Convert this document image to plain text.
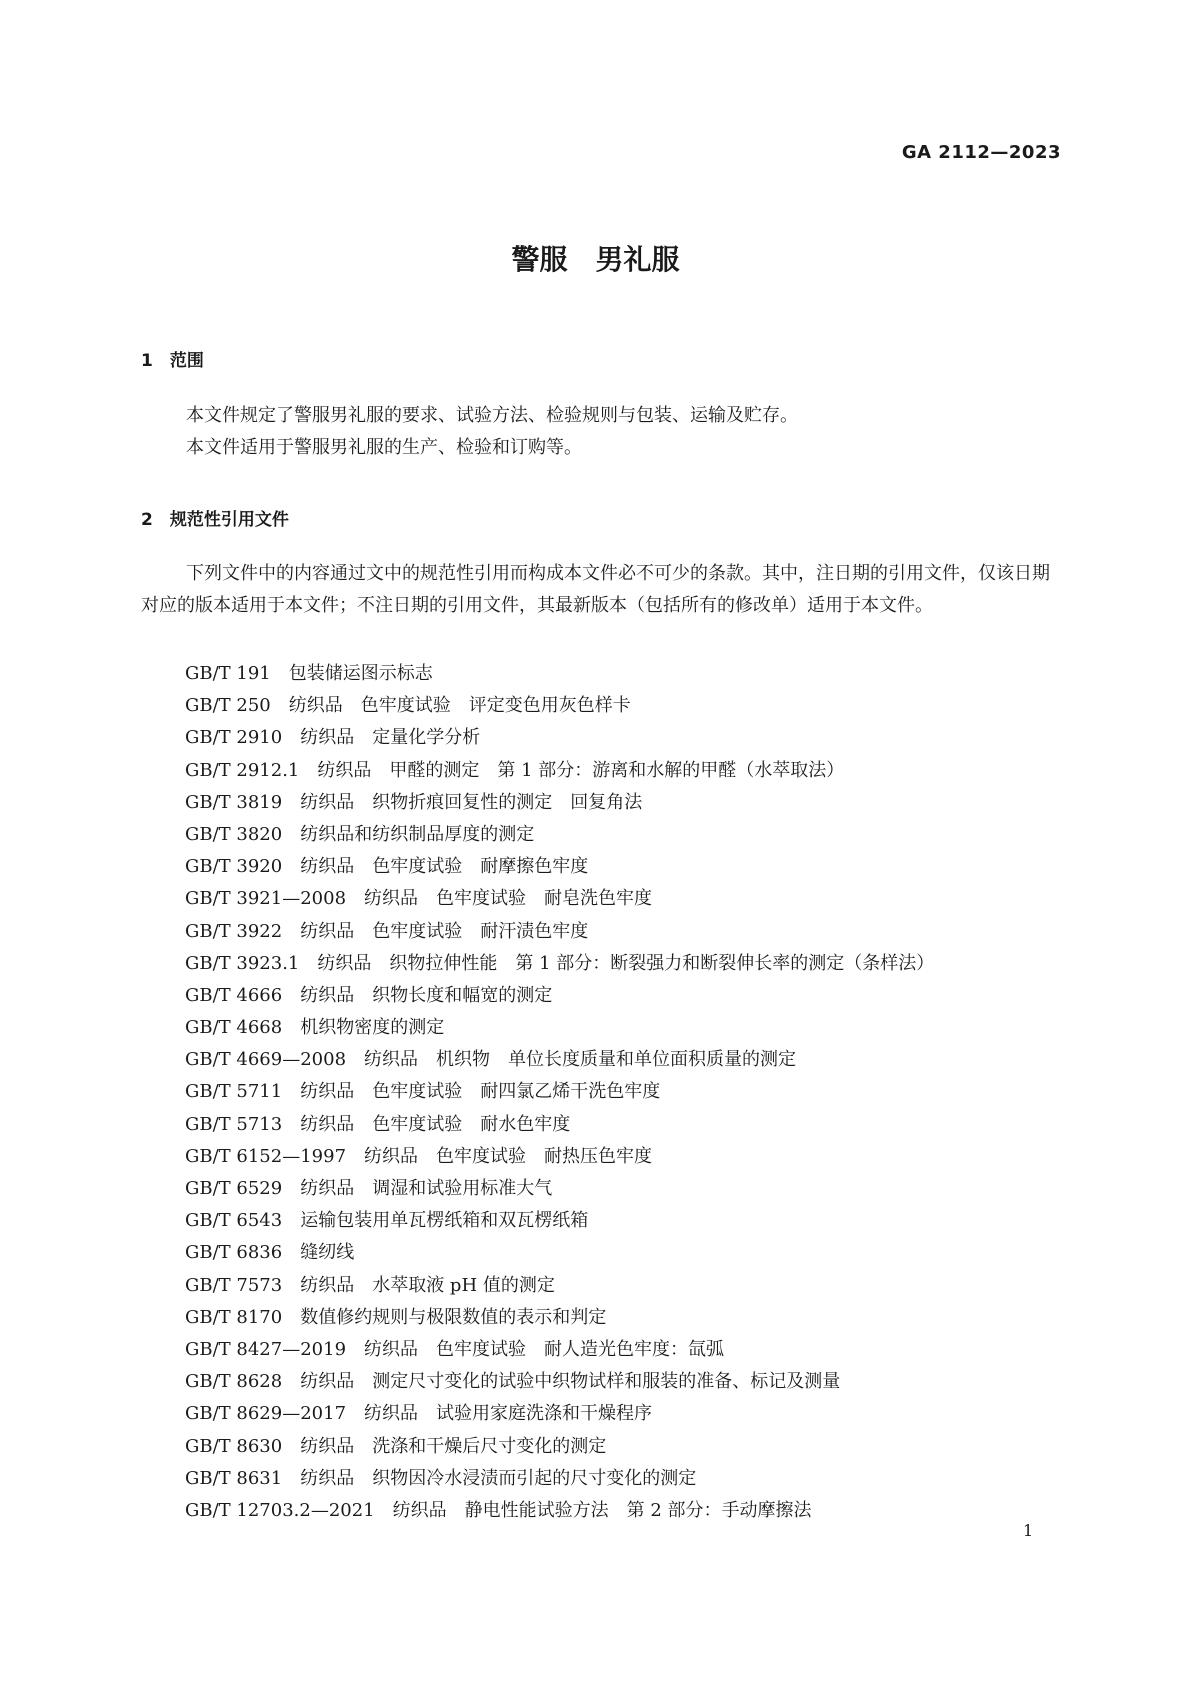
GA 2112—2023
警服　男礼服
1　范围

本文件规定了警服男礼服的要求、试验方法、检验规则与包装、运输及贮存。

本文件适用于警服男礼服的生产、检验和订购等。

2　规范性引用文件

下列文件中的内容通过文中的规范性引用而构成本文件必不可少的条款。其中，注日期的引用文件，仅该日期对应的版本适用于本文件；不注日期的引用文件，其最新版本（包括所有的修改单）适用于本文件。

GB/T 191　包装储运图示标志
GB/T 250　纺织品　色牢度试验　评定变色用灰色样卡
GB/T 2910　纺织品　定量化学分析
GB/T 2912.1　纺织品　甲醛的测定　第 1 部分：游离和水解的甲醛（水萃取法）
GB/T 3819　纺织品　织物折痕回复性的测定　回复角法
GB/T 3820　纺织品和纺织制品厚度的测定
GB/T 3920　纺织品　色牢度试验　耐摩擦色牢度
GB/T 3921—2008　纺织品　色牢度试验　耐皂洗色牢度
GB/T 3922　纺织品　色牢度试验　耐汗渍色牢度
GB/T 3923.1　纺织品　织物拉伸性能　第 1 部分：断裂强力和断裂伸长率的测定（条样法）
GB/T 4666　纺织品　织物长度和幅宽的测定
GB/T 4668　机织物密度的测定
GB/T 4669—2008　纺织品　机织物　单位长度质量和单位面积质量的测定
GB/T 5711　纺织品　色牢度试验　耐四氯乙烯干洗色牢度
GB/T 5713　纺织品　色牢度试验　耐水色牢度
GB/T 6152—1997　纺织品　色牢度试验　耐热压色牢度
GB/T 6529　纺织品　调湿和试验用标准大气
GB/T 6543　运输包装用单瓦楞纸箱和双瓦楞纸箱
GB/T 6836　缝纫线
GB/T 7573　纺织品　水萃取液 pH 值的测定
GB/T 8170　数值修约规则与极限数值的表示和判定
GB/T 8427—2019　纺织品　色牢度试验　耐人造光色牢度：氙弧
GB/T 8628　纺织品　测定尺寸变化的试验中织物试样和服装的准备、标记及测量
GB/T 8629—2017　纺织品　试验用家庭洗涤和干燥程序
GB/T 8630　纺织品　洗涤和干燥后尺寸变化的测定
GB/T 8631　纺织品　织物因冷水浸渍而引起的尺寸变化的测定
GB/T 12703.2—2021　纺织品　静电性能试验方法　第 2 部分：手动摩擦法
1
